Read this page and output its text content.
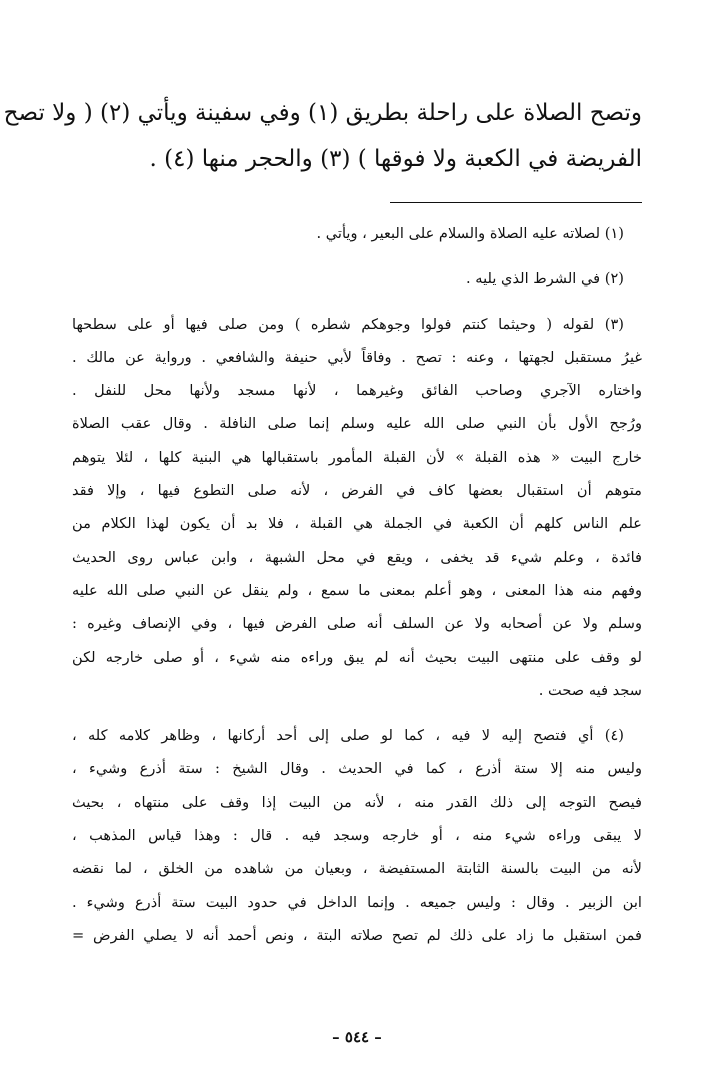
وتصح الصلاة على راحلة بطريق (١) وفي سفينة ويأتي (٢) ( ولا تصح

الفريضة في الكعبة ولا فوقها ) (٣) والحجر منها (٤) .

(١) لصلاته عليه الصلاة والسلام على البعير ، ويأتي .
(٢) في الشرط الذي يليه .
(٣) لقوله ( وحيثما كنتم فولوا وجوهكم شطره ) ومن صلى فيها أو على سطحها
غيرُ مستقبل لجهتها ، وعنه : تصح . وفاقاً لأبي حنيفة والشافعي . ورواية عن مالك .
واختاره الآجري وصاحب الفائق وغيرهما ، لأنها مسجد ولأنها محل للنفل .
ورُجح الأول بأن النبي صلى الله عليه وسلم إنما صلى النافلة . وقال عقب الصلاة
خارج البيت « هذه القبلة » لأن القبلة المأمور باستقبالها هي البنية كلها ، لئلا يتوهم
متوهم أن استقبال بعضها كاف في الفرض ، لأنه صلى التطوع فيها ، وإلا فقد
علم الناس كلهم أن الكعبة في الجملة هي القبلة ، فلا بد أن يكون لهذا الكلام من
فائدة ، وعلم شيء قد يخفى ، ويقع في محل الشبهة ، وابن عباس روى الحديث
وفهم منه هذا المعنى ، وهو أعلم بمعنى ما سمع ، ولم ينقل عن النبي صلى الله عليه
وسلم ولا عن أصحابه ولا عن السلف أنه صلى الفرض فيها ، وفي الإنصاف وغيره :
لو وقف على منتهى البيت بحيث أنه لم يبق وراءه منه شيء ، أو صلى خارجه لكن
سجد فيه صحت .
(٤) أي فتصح إليه لا فيه ، كما لو صلى إلى أحد أركانها ، وظاهر كلامه كله ،
وليس منه إلا ستة أذرع ، كما في الحديث . وقال الشيخ : ستة أذرع وشيء ،
فيصح التوجه إلى ذلك القدر منه ، لأنه من البيت إذا وقف على منتهاه ، بحيث
لا يبقى وراءه شيء منه ، أو خارجه وسجد فيه . قال : وهذا قياس المذهب ،
لأنه من البيت بالسنة الثابتة المستفيضة ، وبعيان من شاهده من الخلق ، لما نقضه
ابن الزبير . وقال : وليس جميعه . وإنما الداخل في حدود البيت ستة أذرع وشيء .
فمن استقبل ما زاد على ذلك لم تصح صلاته البتة ، ونص أحمد أنه لا يصلي الفرض =
– ٥٤٤ –
